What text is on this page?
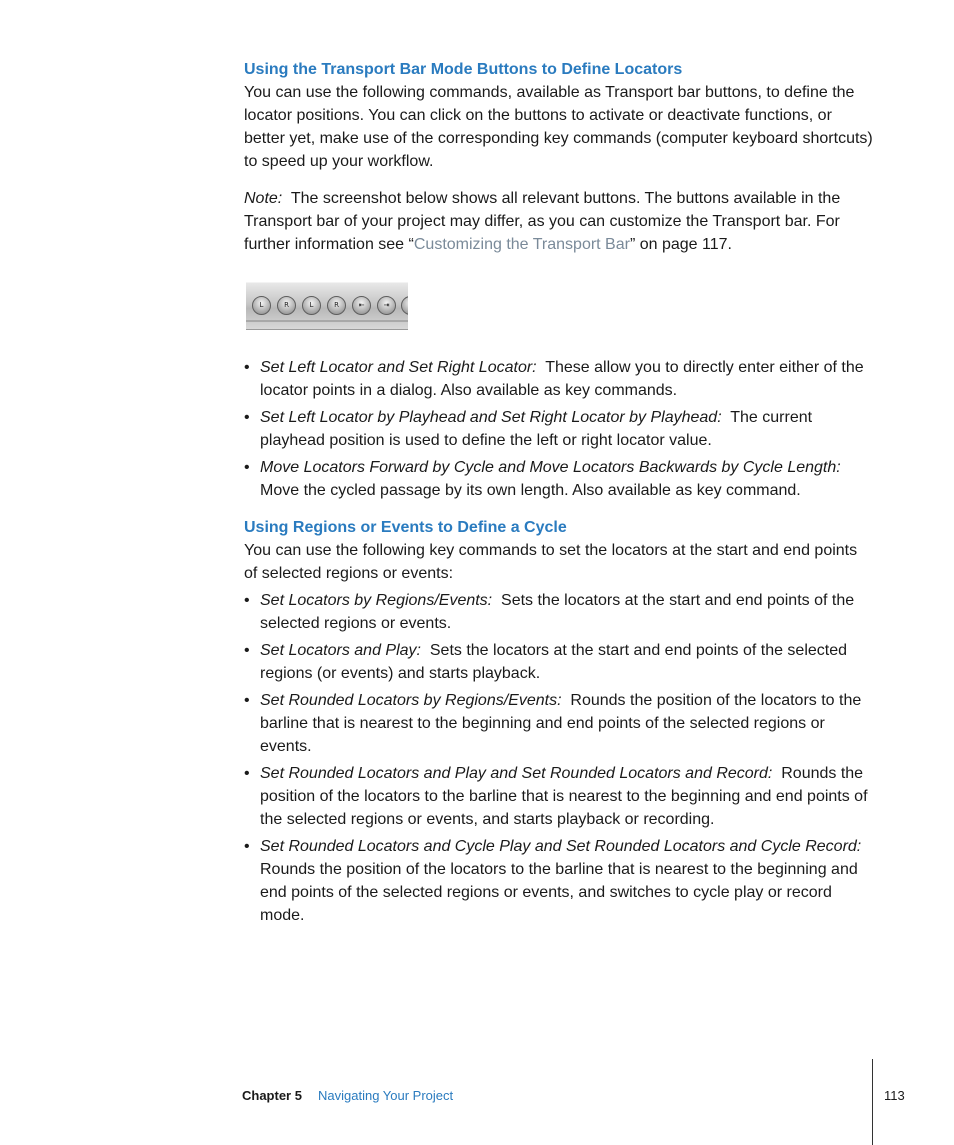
Using the Transport Bar Mode Buttons to Define Locators

You can use the following commands, available as Transport bar buttons, to define the locator positions. You can click on the buttons to activate or deactivate functions, or better yet, make use of the corresponding key commands (computer keyboard shortcuts) to speed up your workflow.

Note: The screenshot below shows all relevant buttons. The buttons available in the Transport bar of your project may differ, as you can customize the Transport bar. For further information see “Customizing the Transport Bar” on page 117.

L	R	L	R	⇤	⇥
• Set Left Locator and Set Right Locator: These allow you to directly enter either of the locator points in a dialog. Also available as key commands.
• Set Left Locator by Playhead and Set Right Locator by Playhead: The current playhead position is used to define the left or right locator value.
• Move Locators Forward by Cycle and Move Locators Backwards by Cycle Length:  Move the cycled passage by its own length. Also available as key command.
Using Regions or Events to Define a Cycle

You can use the following key commands to set the locators at the start and end points of selected regions or events:

• Set Locators by Regions/Events: Sets the locators at the start and end points of the selected regions or events.
• Set Locators and Play: Sets the locators at the start and end points of the selected regions (or events) and starts playback.
• Set Rounded Locators by Regions/Events: Rounds the position of the locators to the barline that is nearest to the beginning and end points of the selected regions or events.
• Set Rounded Locators and Play and Set Rounded Locators and Record: Rounds the position of the locators to the barline that is nearest to the beginning and end points of the selected regions or events, and starts playback or recording.
• Set Rounded Locators and Cycle Play and Set Rounded Locators and Cycle Record:  Rounds the position of the locators to the barline that is nearest to the beginning and end points of the selected regions or events, and switches to cycle play or record mode.
Chapter 5 Navigating Your Project	113
